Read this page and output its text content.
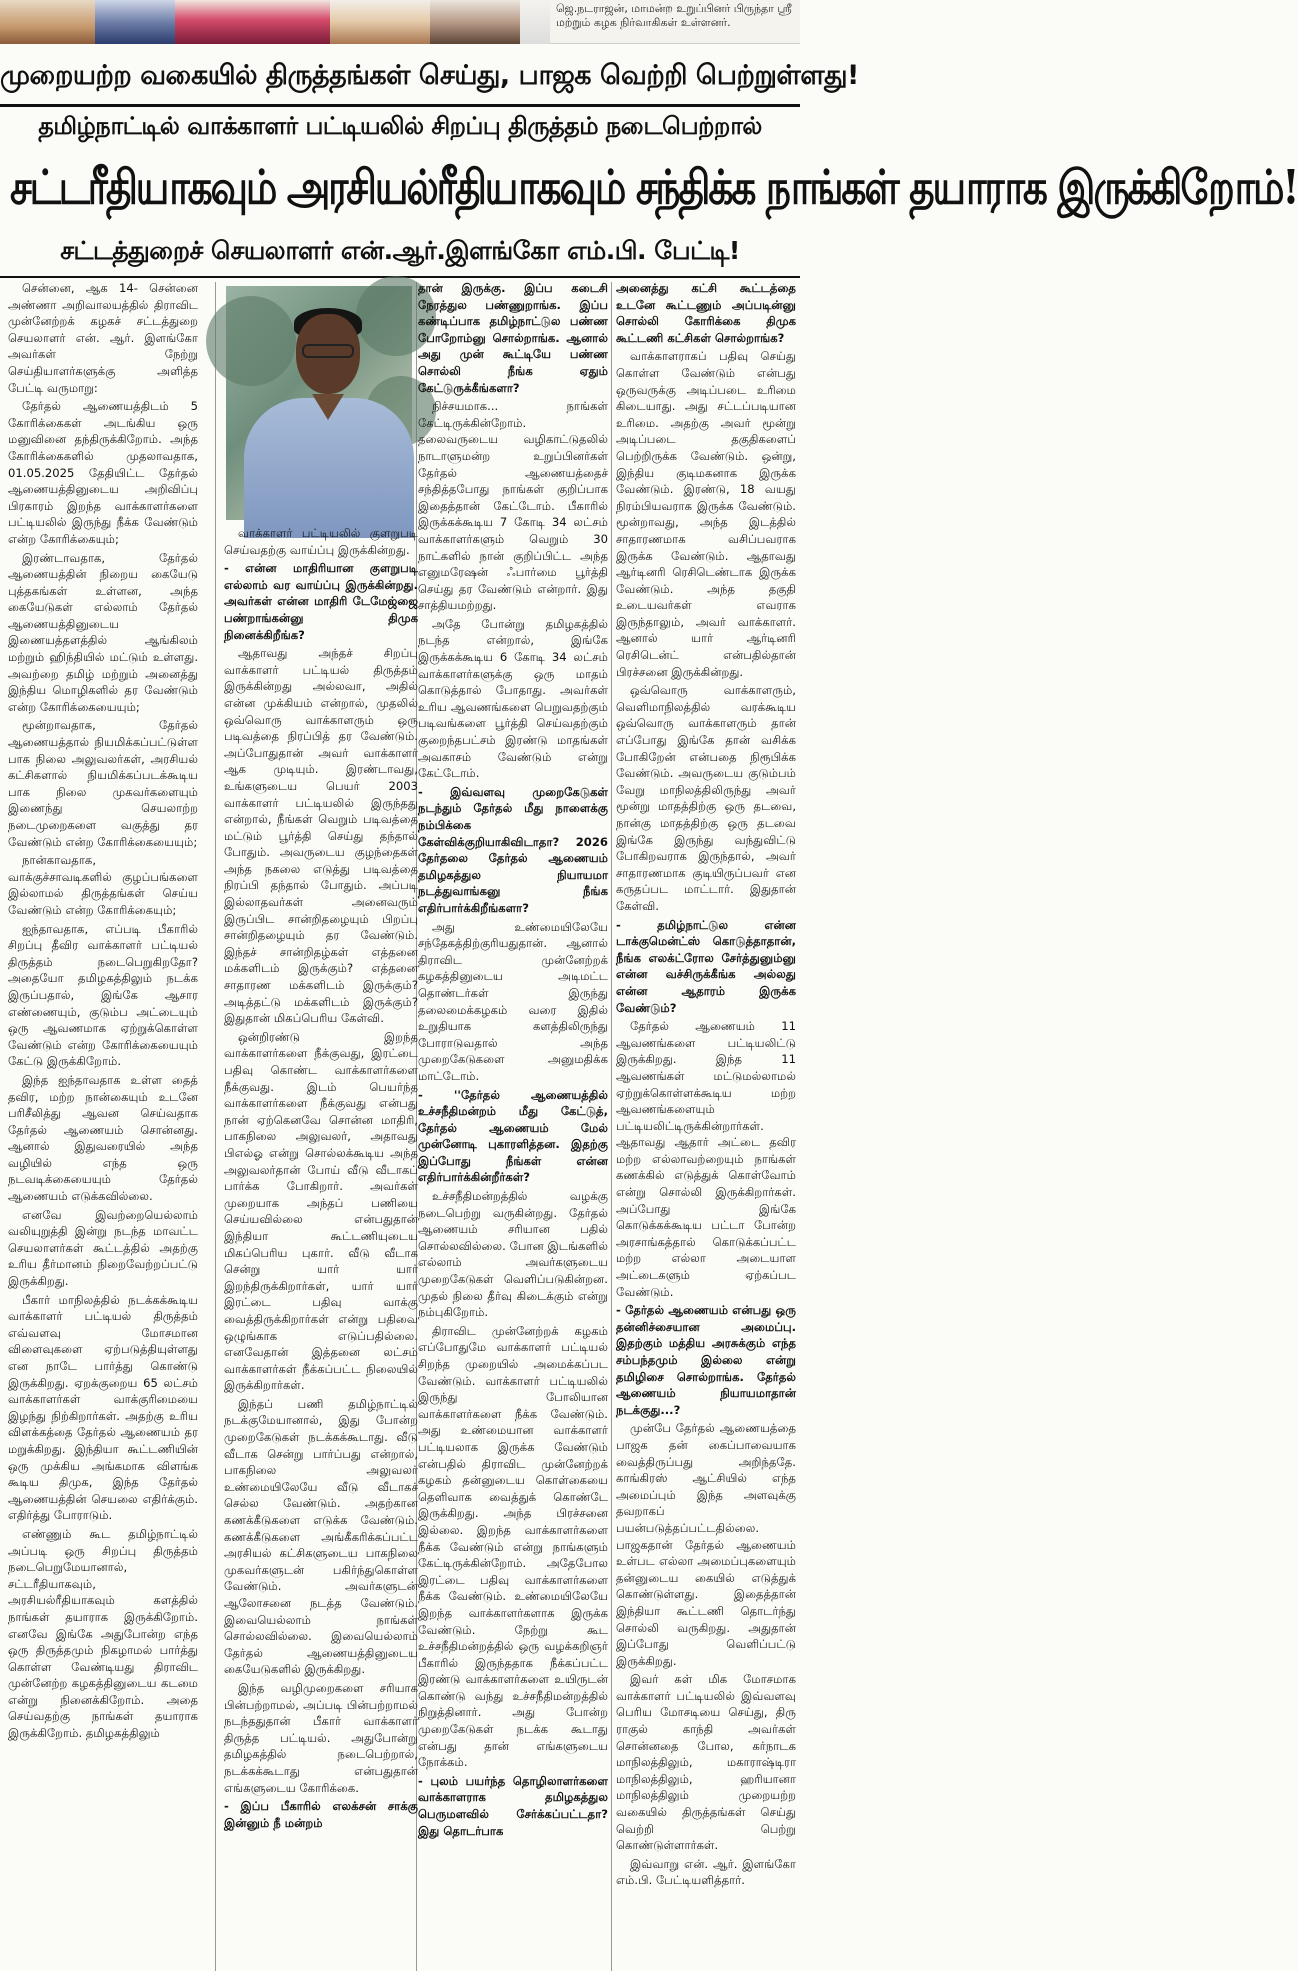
ஜெ.நடராஜன், மாமன்ற உறுப்பினர் பிருந்தா ஸ்ரீ மற்றும் கழக நிர்வாகிகள் உள்ளனர்.
முறையற்ற வகையில் திருத்தங்கள் செய்து, பாஜக வெற்றி பெற்றுள்ளது!
தமிழ்நாட்டில் வாக்காளர் பட்டியலில் சிறப்பு திருத்தம் நடைபெற்றால்
சட்டரீதியாகவும் அரசியல்ரீதியாகவும் சந்திக்க நாங்கள் தயாராக இருக்கிறோம்!
சட்டத்துறைச் செயலாளர் என்.ஆர்.இளங்கோ எம்.பி. பேட்டி!

சென்னை, ஆக 14- சென்னை அண்ணா அறிவாலயத்தில் திராவிட முன்னேற்றக் கழகச் சட்டத்துறை செயலாளர் என். ஆர். இளங்கோ அவர்கள் நேற்று செய்தியாளர்களுக்கு அளித்த பேட்டி வருமாறு:

தேர்தல் ஆணையத்திடம் 5 கோரிக்கைகள் அடங்கிய ஒரு மனுவினை தந்திருக்கிறோம். அந்த கோரிக்கைகளில் முதலாவதாக, 01.05.2025 தேதியிட்ட தேர்தல் ஆணையத்தினுடைய அறிவிப்பு பிரகாரம் இறந்த வாக்காளர்களை பட்டியலில் இருந்து நீக்க வேண்டும் என்ற கோரிக்கையும்;

இரண்டாவதாக, தேர்தல் ஆணையத்தின் நிறைய கையேடு புத்தகங்கள் உள்ளன, அந்த கையேடுகள் எல்லாம் தேர்தல் ஆணையத்தினுடைய இணையத்தளத்தில் ஆங்கிலம் மற்றும் ஹிந்தியில் மட்டும் உள்ளது. அவற்றை தமிழ் மற்றும் அனைத்து இந்திய மொழிகளில் தர வேண்டும் என்ற கோரிக்கையையும்;

மூன்றாவதாக, தேர்தல் ஆணையத்தால் நியமிக்கப்பட்டுள்ள பாக நிலை அலுவலர்கள், அரசியல் கட்சிகளால் நியமிக்கப்படக்கூடிய பாக நிலை முகவர்களையும் இணைந்து செயலாற்ற நடைமுறைகளை வகுத்து தர வேண்டும் என்ற கோரிக்கையையும்;

நான்காவதாக, வாக்குச்சாவடிகளில் குழப்பங்களை இல்லாமல் திருத்தங்கள் செய்ய வேண்டும் என்ற கோரிக்கையும்;

ஐந்தாவதாக, எப்படி பீகாரில் சிறப்பு தீவிர வாக்காளர் பட்டியல் திருத்தம் நடைபெறுகிறதோ? அதையோ தமிழகத்திலும் நடக்க இருப்பதால், இங்கே ஆசார எண்ணையும், குடும்ப அட்டையும் ஒரு ஆவணமாக ஏற்றுக்கொள்ள வேண்டும் என்ற கோரிக்கையையும் கேட்டு இருக்கிறோம்.

இந்த ஐந்தாவதாக உள்ள தைத் தவிர, மற்ற நான்கையும் உடனே பரிசீலித்து ஆவன செய்வதாக தேர்தல் ஆணையம் சொன்னது. ஆனால் இதுவரையில் அந்த வழியில் எந்த ஒரு நடவடிக்கையையும் தேர்தல் ஆணையம் எடுக்கவில்லை.

எனவே இவற்றையெல்லாம் வலியுறுத்தி இன்று நடந்த மாவட்ட செயலாளர்கள் கூட்டத்தில் அதற்கு உரிய தீர்மானம் நிறைவேற்றப்பட்டு இருக்கிறது.

பீகார் மாநிலத்தில் நடக்கக்கூடிய வாக்காளர் பட்டியல் திருத்தம் எவ்வளவு மோசமான விளைவுகளை ஏற்படுத்தியுள்ளது என நாடே பார்த்து கொண்டு இருக்கிறது. ஏறக்குறைய 65 லட்சம் வாக்காளர்கள் வாக்குரிமையை இழந்து நிற்கிறார்கள். அதற்கு உரிய விளக்கத்தை தேர்தல் ஆணையம் தர மறுக்கிறது. இந்தியா கூட்டணியின் ஒரு முக்கிய அங்கமாக விளங்க கூடிய திமுக, இந்த தேர்தல் ஆணையத்தின் செயலை எதிர்க்கும். எதிர்த்து போராடும்.

எண்ணும் கூட தமிழ்நாட்டில் அப்படி ஒரு சிறப்பு திருத்தம் நடைபெறுமேயானால், சட்டரீதியாகவும், அரசியல்ரீதியாகவும் களத்தில் நாங்கள் தயாராக இருக்கிறோம். எனவே இங்கே அதுபோன்ற எந்த ஒரு திருத்தமும் நிகழாமல் பார்த்து கொள்ள வேண்டியது திராவிட முன்னேற்ற கழகத்தினுடைய கடமை என்று நினைக்கிறோம். அதை செய்வதற்கு நாங்கள் தயாராக இருக்கிறோம். தமிழகத்திலும்

வாக்காளர் பட்டியலில் குளறுபடி செய்வதற்கு வாய்ப்பு இருக்கின்றது.

- என்ன மாதிரியான குளறுபடி எல்லாம் வர வாய்ப்பு இருக்கின்றது. அவர்கள் என்ன மாதிரி டேமேஜ்ஜை பண்றாங்கன்னு திமுக நினைக்கிறீங்க?

ஆதாவது அந்தச் சிறப்பு வாக்காளர் பட்டியல் திருத்தம் இருக்கின்றது அல்லவா, அதில் என்ன முக்கியம் என்றால், முதலில் ஒவ்வொரு வாக்காளரும் ஒரு படிவத்தை நிரப்பித் தர வேண்டும். அப்போதுதான் அவர் வாக்காளர் ஆக முடியும். இரண்டாவது, உங்களுடைய பெயர் 2003 வாக்காளர் பட்டியலில் இருந்தது என்றால், நீங்கள் வெறும் படிவத்தை மட்டும் பூர்த்தி செய்து தந்தால் போதும். அவருடைய குழந்தைகள் அந்த நகலை எடுத்து படிவத்தை நிரப்பி தந்தால் போதும். அப்படி இல்லாதவர்கள் அனைவரும் இருப்பிட சான்றிதழையும் பிறப்பு சான்றிதழையும் தர வேண்டும். இந்தச் சான்றிதழ்கள் எத்தனை மக்களிடம் இருக்கும்? எத்தனை சாதாரண மக்களிடம் இருக்கும்? அடித்தட்டு மக்களிடம் இருக்கும்? இதுதான் மிகப்பெரிய கேள்வி.

ஒன்றிரண்டு இறந்த வாக்காளர்களை நீக்குவது, இரட்டை பதிவு கொண்ட வாக்காளர்களை நீக்குவது. இடம் பெயர்ந்த வாக்காளர்களை நீக்குவது என்பது நான் ஏற்கெனவே சொன்ன மாதிரி, பாகநிலை அலுவலர், அதாவது பிஎல்ஓ என்று சொல்லக்கூடிய அந்த அலுவலர்தான் போய் வீடு வீடாகப் பார்க்க போகிறார். அவர்கள் முறையாக அந்தப் பணியை செய்யவில்லை என்பதுதான் இந்தியா கூட்டணியுடைய மிகப்பெரிய புகார். வீடு வீடாக சென்று யார் யார் இறந்திருக்கிறார்கள், யார் யார் இரட்டை பதிவு வாக்கு வைத்திருக்கிறார்கள் என்று பதிவை ஒழுங்காக எடுப்பதில்லை. எனவேதான் இத்தனை லட்சம் வாக்காளர்கள் நீக்கப்பட்ட நிலையில் இருக்கிறார்கள்.

இந்தப் பணி தமிழ்நாட்டில் நடக்குமேயானால், இது போன்ற முறைகேடுகள் நடக்கக்கூடாது. வீடு வீடாக சென்று பார்ப்பது என்றால், பாகநிலை அலுவலர் உண்மையிலேயே வீடு வீடாகச் செல்ல வேண்டும். அதற்கான கணக்கீடுகளை எடுக்க வேண்டும். கணக்கீடுகளை அங்கீகரிக்கப்பட்ட அரசியல் கட்சிகளுடைய பாகநிலை முகவர்களுடன் பகிர்ந்துகொள்ள வேண்டும். அவர்களுடன் ஆலோசனை நடத்த வேண்டும். இவையெல்லாம் நாங்கள் சொல்லவில்லை. இவையெல்லாம் தேர்தல் ஆணையத்தினுடைய கையேடுகளில் இருக்கிறது.

இந்த வழிமுறைகளை சரியாக பின்பற்றாமல், அப்படி பின்பற்றாமல் நடந்ததுதான் பீகார் வாக்காளர் திருத்த பட்டியல். அதுபோன்று தமிழகத்தில் நடைபெற்றால், நடக்கக்கூடாது என்பதுதான் எங்களுடைய கோரிக்கை.

- இப்ப பீகாரில் எலக்சன் சாக்கு இன்னும் நீ மன்றம்

தான் இருக்கு. இப்ப கடைசி நேரத்துல பண்ணுறாங்க. இப்ப கண்டிப்பாக தமிழ்நாட்டுல பண்ண போறோம்னு சொல்றாங்க. ஆனால் அது முன் கூட்டியே பண்ண சொல்லி நீங்க ஏதும் கேட்டுருக்கீங்களா?

நிச்சயமாக... நாங்கள் கேட்டிருக்கின்றோம். தலைவருடைய வழிகாட்டுதலில் நாடாளுமன்ற உறுப்பினர்கள் தேர்தல் ஆணையத்தைச் சந்தித்தபோது நாங்கள் குறிப்பாக இதைத்தான் கேட்டோம். பீகாரில் இருக்கக்கூடிய 7 கோடி 34 லட்சம் வாக்காளர்களும் வெறும் 30 நாட்களில் நான் குறிப்பிட்ட அந்த எனுமரேஷன் ஃபார்மை பூர்த்தி செய்து தர வேண்டும் என்றார். இது சாத்தியமற்றது.

அதே போன்று தமிழகத்தில் நடந்த என்றால், இங்கே இருக்கக்கூடிய 6 கோடி 34 லட்சம் வாக்காளர்களுக்கு ஒரு மாதம் கொடுத்தால் போதாது. அவர்கள் உரிய ஆவணங்களை பெறுவதற்கும் படிவங்களை பூர்த்தி செய்வதற்கும் குறைந்தபட்சம் இரண்டு மாதங்கள் அவகாசம் வேண்டும் என்று கேட்டோம்.

- இவ்வளவு முறைகேடுகள் நடந்தும் தேர்தல் மீது நாளைக்கு நம்பிக்கை கேள்விக்குறியாகிவிடாதா? 2026 தேர்தலை தேர்தல் ஆணையம் தமிழகத்துல நியாயமா நடத்துவாங்கனு நீங்க எதிர்பார்க்கிறீங்களா?

அது உண்மையிலேயே சந்தேகத்திற்குரியதுதான். ஆனால் திராவிட முன்னேற்றக் கழகத்தினுடைய அடிமட்ட தொண்டர்கள் இருந்து தலைமைக்கழகம் வரை இதில் உறுதியாக களத்திலிருந்து போராடுவதால் அந்த முறைகேடுகளை அனுமதிக்க மாட்டோம்.

- ''தேர்தல் ஆணையத்தில் உச்சநீதிமன்றம் மீது கேட்டுத், தேர்தல் ஆணையம் மேல் முன்னோடி புகாரளித்தன. இதற்கு இப்போது நீங்கள் என்ன எதிர்பார்க்கின்றீர்கள்?

உச்சநீதிமன்றத்தில் வழக்கு நடைபெற்று வருகின்றது. தேர்தல் ஆணையம் சரியான பதில் சொல்லவில்லை. போன இடங்களில் எல்லாம் அவர்களுடைய முறைகேடுகள் வெளிப்படுகின்றன. முதல் நிலை தீர்வு கிடைக்கும் என்று நம்புகிறோம்.

திராவிட முன்னேற்றக் கழகம் எப்போதுமே வாக்காளர் பட்டியல் சிறந்த முறையில் அமைக்கப்பட வேண்டும். வாக்காளர் பட்டியலில் இருந்து போலியான வாக்காளர்களை நீக்க வேண்டும். அது உண்மையான வாக்காளர் பட்டியலாக இருக்க வேண்டும் என்பதில் திராவிட முன்னேற்றக் கழகம் தன்னுடைய கொள்கையை தெளிவாக வைத்துக் கொண்டே இருக்கிறது. அந்த பிரச்சனை இல்லை. இறந்த வாக்காளர்களை நீக்க வேண்டும் என்று நாங்களும் கேட்டிருக்கின்றோம். அதேபோல இரட்டை பதிவு வாக்காளர்களை நீக்க வேண்டும். உண்மையிலேயே இறந்த வாக்காளர்களாக இருக்க வேண்டும். நேற்று கூட உச்சநீதிமன்றத்தில் ஒரு வழக்கறிஞர் பீகாரில் இருந்ததாக நீக்கப்பட்ட இரண்டு வாக்காளர்களை உயிருடன் கொண்டு வந்து உச்சநீதிமன்றத்தில் நிறுத்தினார். அது போன்ற முறைகேடுகள் நடக்க கூடாது என்பது தான் எங்களுடைய நோக்கம்.

- புலம் பயர்ந்த தொழிலாளர்களை வாக்காளராக தமிழகத்துல பெருமளவில் சேர்க்கப்பட்டதா? இது தொடர்பாக

அனைத்து கட்சி கூட்டத்தை உடனே கூட்டணும் அப்படின்னு சொல்லி கோரிக்கை திமுக கூட்டணி கட்சிகள் சொல்றாங்க?

வாக்காளராகப் பதிவு செய்து கொள்ள வேண்டும் என்பது ஒருவருக்கு அடிப்படை உரிமை கிடையாது. அது சட்டப்படியான உரிமை. அதற்கு அவர் மூன்று அடிப்படை தகுதிகளைப் பெற்றிருக்க வேண்டும். ஒன்று, இந்திய குடிமகனாக இருக்க வேண்டும். இரண்டு, 18 வயது நிரம்பியவராக இருக்க வேண்டும். மூன்றாவது, அந்த இடத்தில் சாதாரணமாக வசிப்பவராக இருக்க வேண்டும். ஆதாவது ஆர்டினரி ரெசிடெண்டாக இருக்க வேண்டும். அந்த தகுதி உடையவர்கள் எவராக இருந்தாலும், அவர் வாக்காளர். ஆனால் யார் ஆர்டினரி ரெசிடென்ட் என்பதில்தான் பிரச்சனை இருக்கின்றது.

ஒவ்வொரு வாக்காளரும், வெளிமாநிலத்தில் வரக்கூடிய ஒவ்வொரு வாக்காளரும் தான் எப்போது இங்கே தான் வசிக்க போகிறேன் என்பதை நிரூபிக்க வேண்டும். அவருடைய குடும்பம் வேறு மாநிலத்திலிருந்து அவர் மூன்று மாதத்திற்கு ஒரு தடவை, நான்கு மாதத்திற்கு ஒரு தடவை இங்கே இருந்து வந்துவிட்டு போகிறவராக இருந்தால், அவர் சாதாரணமாக குடியிருப்பவர் என கருதப்பட மாட்டார். இதுதான் கேள்வி.

- தமிழ்நாட்டுல என்ன டாக்குமென்ட்ஸ் கொடுத்தாதான், நீங்க எலக்ட்ரோல சேர்த்துனும்னு என்ன வச்சிருக்கீங்க அல்லது என்ன ஆதாரம் இருக்க வேண்டும்?

தேர்தல் ஆணையம் 11 ஆவணங்களை பட்டியலிட்டு இருக்கிறது. இந்த 11 ஆவணங்கள் மட்டுமல்லாமல் ஏற்றுக்கொள்ளக்கூடிய மற்ற ஆவணங்களையும் பட்டியலிட்டிருக்கின்றார்கள். ஆதாவது ஆதார் அட்டை தவிர மற்ற எல்லாவற்றையும் நாங்கள் கணக்கில் எடுத்துக் கொள்வோம் என்று சொல்லி இருக்கிறார்கள். அப்போது இங்கே கொடுக்கக்கூடிய பட்டா போன்ற அரசாங்கத்தால் கொடுக்கப்பட்ட மற்ற எல்லா அடையாள அட்டைகளும் ஏற்கப்பட வேண்டும்.

- தேர்தல் ஆணையம் என்பது ஒரு தன்னிச்சையான அமைப்பு. இதற்கும் மத்திய அரசுக்கும் எந்த சம்பந்தமும் இல்லை என்று தமிழிசை சொல்றாங்க. தேர்தல் ஆணையம் நியாயமாதான் நடக்குது...?

முன்பே தேர்தல் ஆணையத்தை பாஜக தன் கைப்பாவையாக வைத்திருப்பது அறிந்ததே. காங்கிரஸ் ஆட்சியில் எந்த அமைப்பும் இந்த அளவுக்கு தவறாகப் பயன்படுத்தப்பட்டதில்லை. பாஜகதான் தேர்தல் ஆணையம் உள்பட எல்லா அமைப்புகளையும் தன்னுடைய கையில் எடுத்துக் கொண்டுள்ளது. இதைத்தான் இந்தியா கூட்டணி தொடர்ந்து சொல்லி வருகிறது. அதுதான் இப்போது வெளிப்பட்டு இருக்கிறது.

இவர் கள் மிக மோசமாக வாக்காளர் பட்டியலில் இவ்வளவு பெரிய மோசடியை செய்து, திரு ராகுல் காந்தி அவர்கள் சொன்னதை போல, கர்நாடக மாநிலத்திலும், மகாராஷ்டிரா மாநிலத்திலும், ஹரியானா மாநிலத்திலும் முறையற்ற வகையில் திருத்தங்கள் செய்து வெற்றி பெற்று கொண்டுள்ளார்கள்.

இவ்வாறு என். ஆர். இளங்கோ எம்.பி. பேட்டியளித்தார்.
